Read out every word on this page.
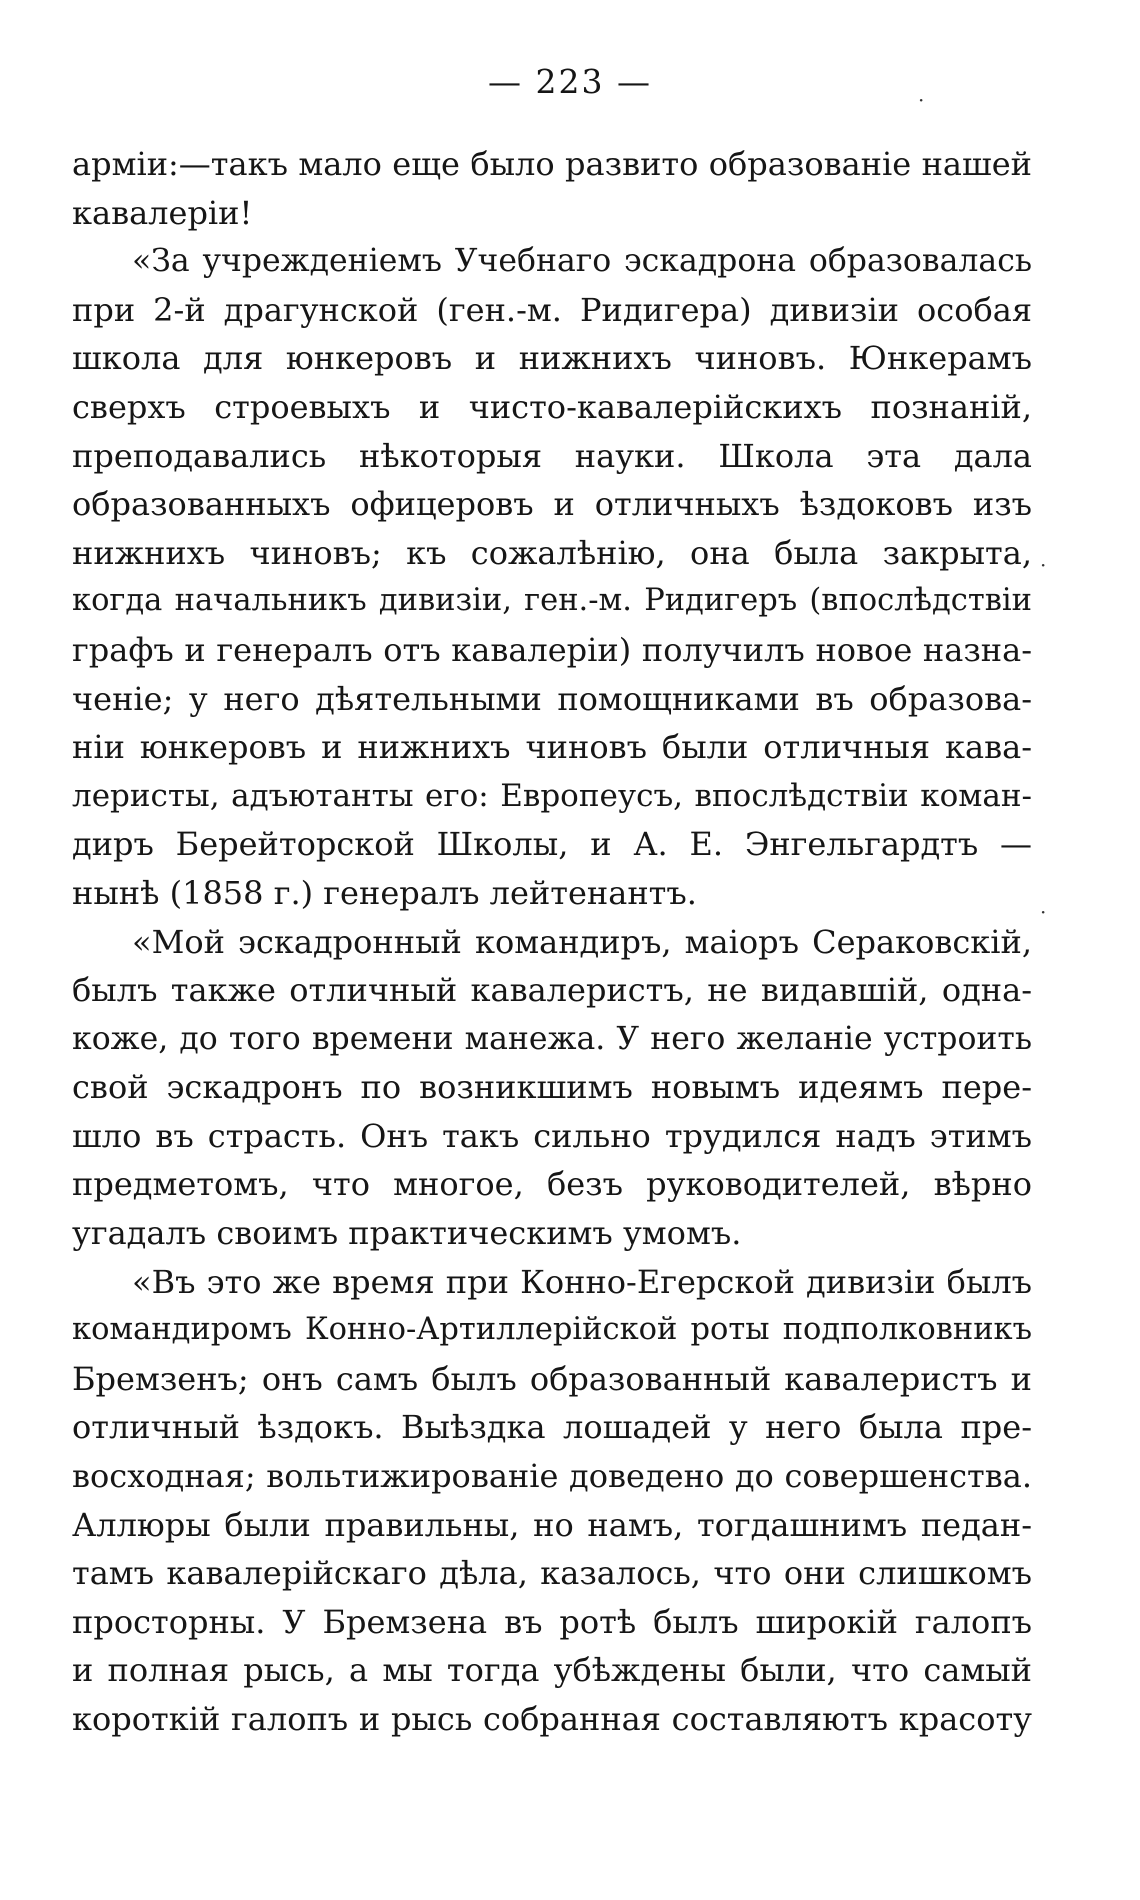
— 223 —
арміи:—такъ мало еще было развито образованіе нашей
кавалеріи!
«За учрежденіемъ Учебнаго эскадрона образовалась
при 2-й драгунской (ген.-м. Ридигера) дивизіи особая
школа для юнкеровъ и нижнихъ чиновъ. Юнкерамъ
сверхъ строевыхъ и чисто-кавалерійскихъ познаній,
преподавались нѣкоторыя науки. Школа эта дала
образованныхъ офицеровъ и отличныхъ ѣздоковъ изъ
нижнихъ чиновъ; къ сожалѣнію, она была закрыта,
когда начальникъ дивизіи, ген.-м. Ридигеръ (впослѣдствіи
графъ и генералъ отъ кавалеріи) получилъ новое назна-
ченіе; у него дѣятельными помощниками въ образова-
ніи юнкеровъ и нижнихъ чиновъ были отличныя кава-
леристы, адъютанты его: Европеусъ, впослѣдствіи коман-
диръ Берейторской Школы, и А. Е. Энгельгардтъ —
нынѣ (1858 г.) генералъ лейтенантъ.
«Мой эскадронный командиръ, маіоръ Сераковскій,
былъ также отличный кавалеристъ, не видавшій, одна-
коже, до того времени манежа. У него желаніе устроить
свой эскадронъ по возникшимъ новымъ идеямъ пере-
шло въ страсть. Онъ такъ сильно трудился надъ этимъ
предметомъ, что многое, безъ руководителей, вѣрно
угадалъ своимъ практическимъ умомъ.
«Въ это же время при Конно-Егерской дивизіи былъ
командиромъ Конно-Артиллерійской роты подполковникъ
Бремзенъ; онъ самъ былъ образованный кавалеристъ и
отличный ѣздокъ. Выѣздка лошадей у него была пре-
восходная; вольтижированіе доведено до совершенства.
Аллюры были правильны, но намъ, тогдашнимъ педан-
тамъ кавалерійскаго дѣла, казалось, что они слишкомъ
просторны. У Бремзена въ ротѣ былъ широкій галопъ
и полная рысь, а мы тогда убѣждены были, что самый
короткій галопъ и рысь собранная составляютъ красоту
·
·
·
